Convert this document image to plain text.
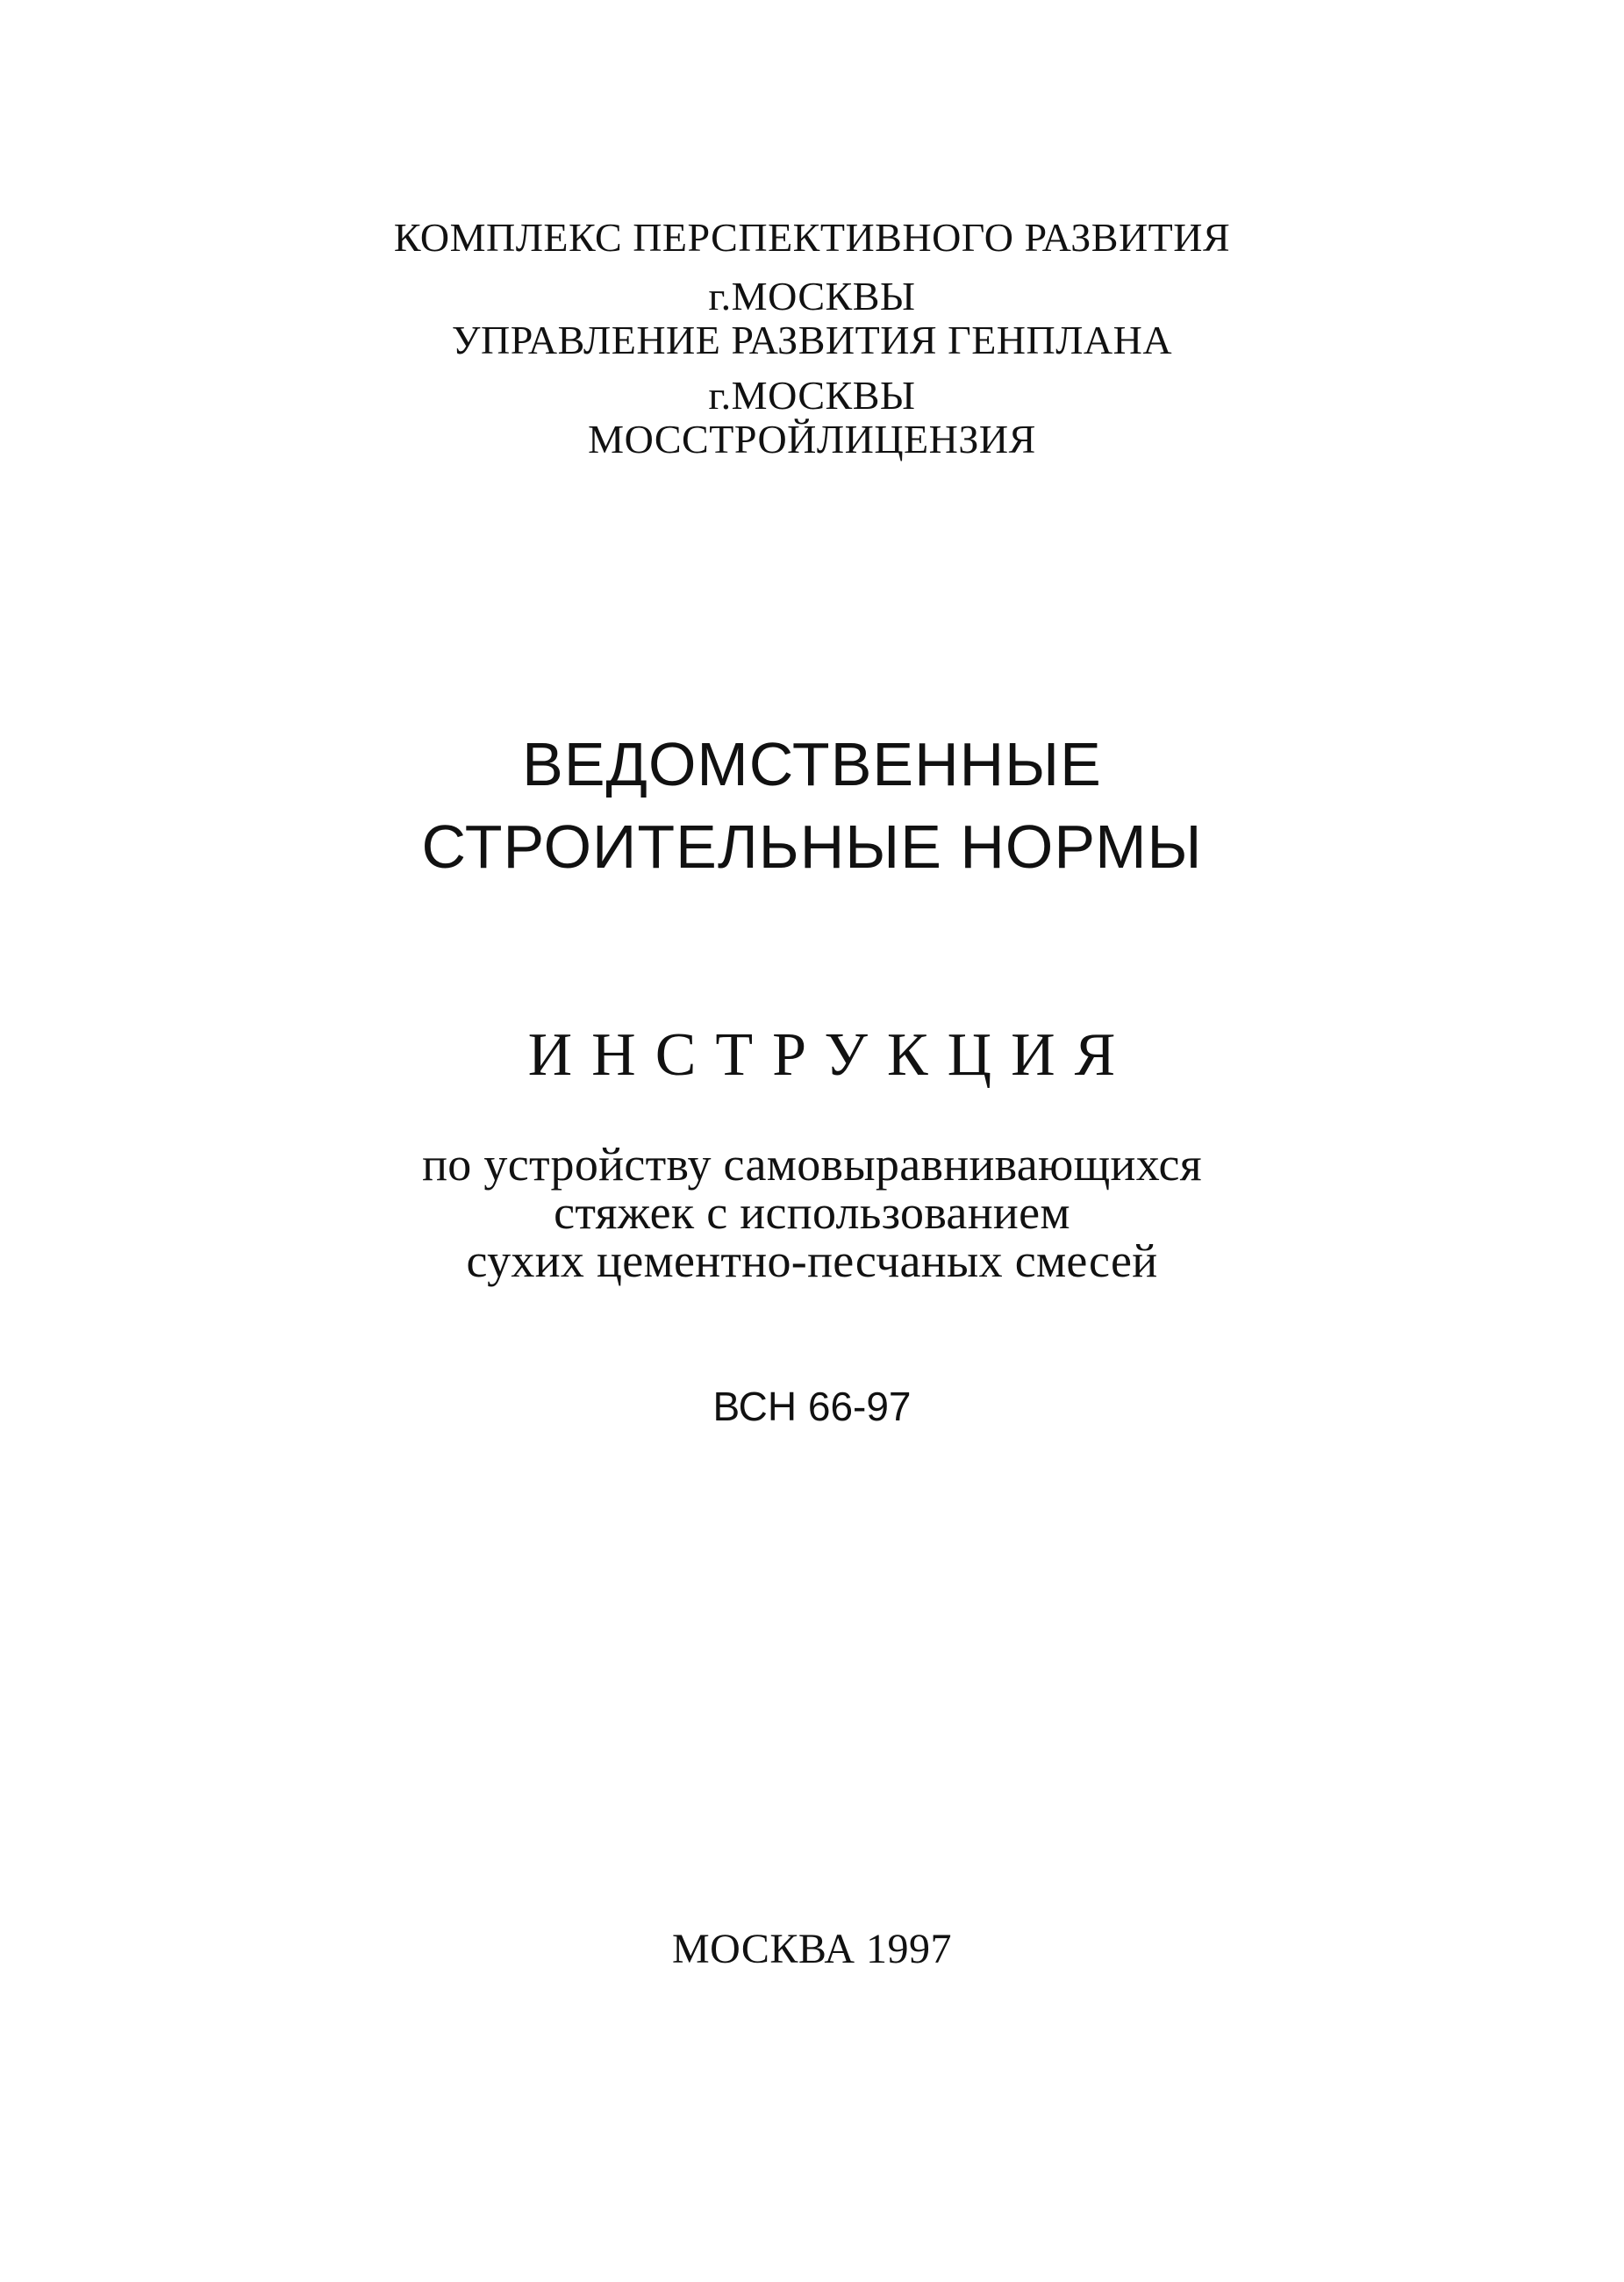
КОМПЛЕКС ПЕРСПЕКТИВНОГО РАЗВИТИЯ
г.МОСКВЫ
УПРАВЛЕНИЕ РАЗВИТИЯ ГЕНПЛАНА
г.МОСКВЫ
МОССТРОЙЛИЦЕНЗИЯ
ВЕДОМСТВЕННЫЕ
СТРОИТЕЛЬНЫЕ НОРМЫ
ИНСТРУКЦИЯ
по устройству самовыравнивающихся
стяжек с использованием
сухих цементно-песчаных смесей
ВСН 66-97
МОСКВА 1997
